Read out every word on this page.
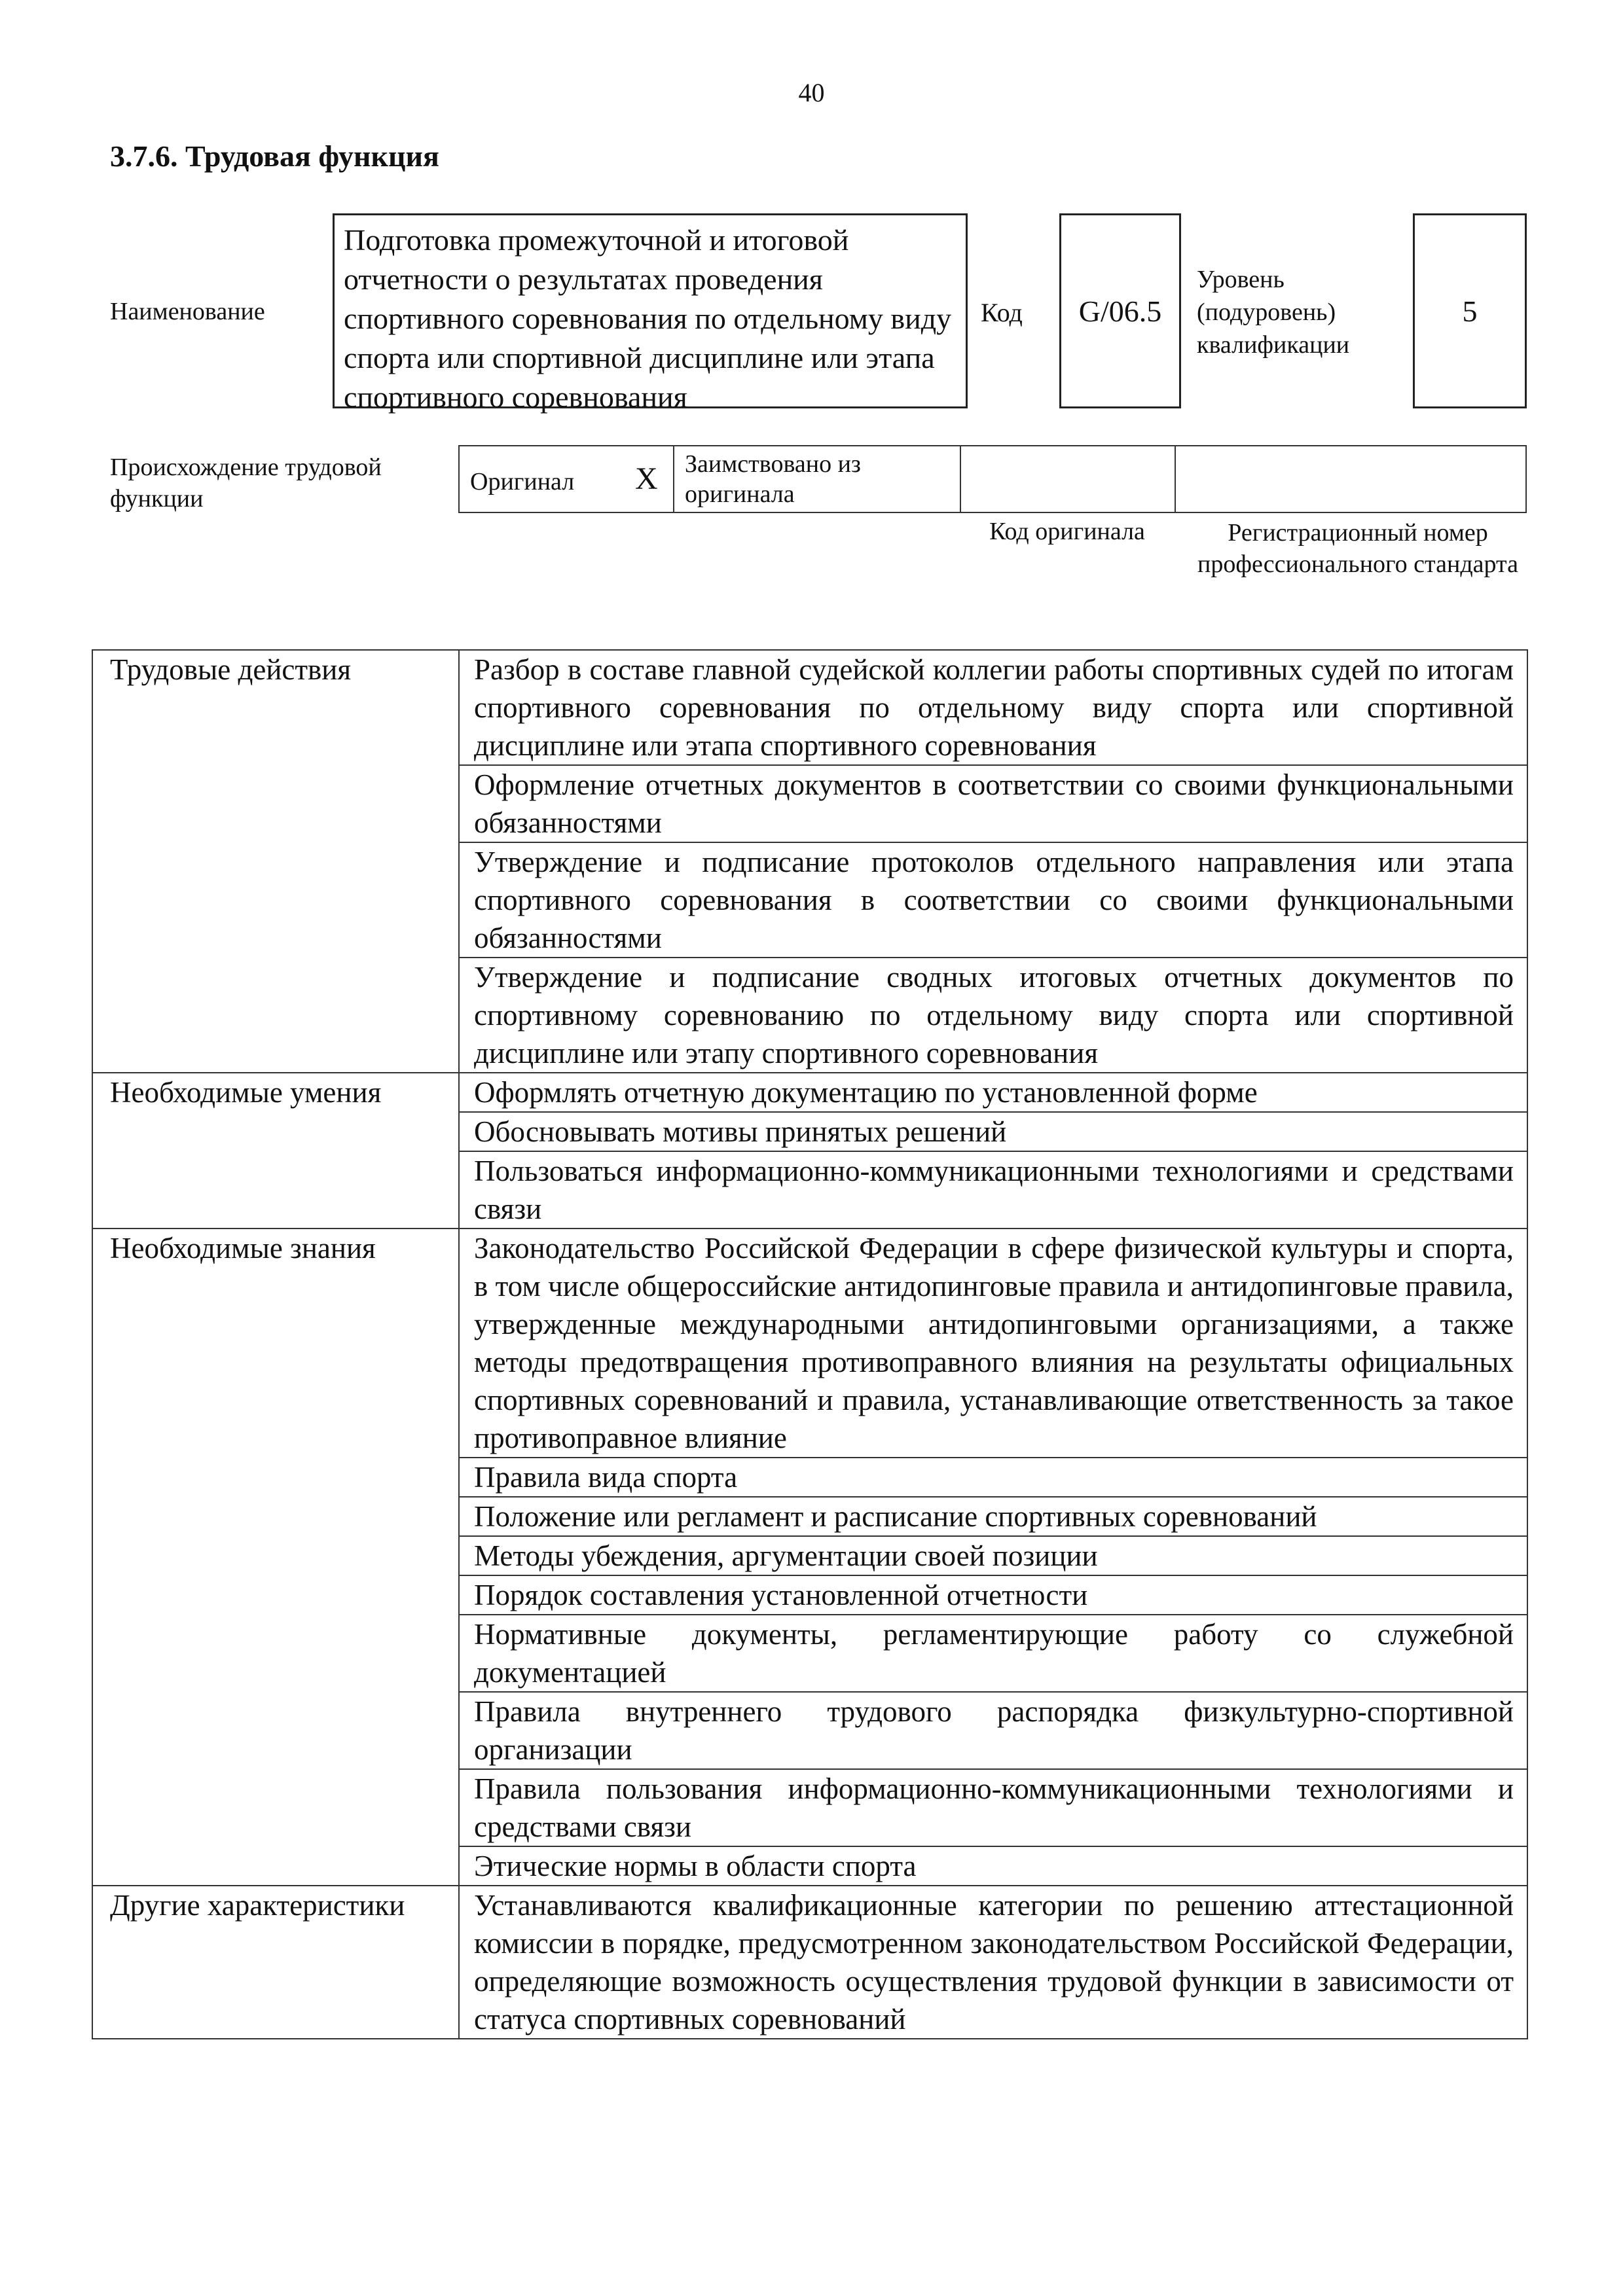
40
3.7.6. Трудовая функция
Наименование
Подготовка промежуточной и итоговой отчетности о результатах проведения спортивного соревнования по отдельному виду спорта или спортивной дисциплине или этапа спортивного соревнования
Код G/06.5
Уровень (подуровень) квалификации
5
Происхождение трудовой функции
Оригинал X Заимствовано из оригинала
Код оригинала	Регистрационный номер профессионального стандарта
Трудовые действия	Разбор в составе главной судейской коллегии работы спортивных судей по итогам спортивного соревнования по отдельному виду спорта или спортивной дисциплине или этапа спортивного соревнования
	Оформление отчетных документов в соответствии со своими функциональными обязанностями
	Утверждение и подписание протоколов отдельного направления или этапа спортивного соревнования в соответствии со своими функциональными обязанностями
	Утверждение и подписание сводных итоговых отчетных документов по спортивному соревнованию по отдельному виду спорта или спортивной дисциплине или этапу спортивного соревнования
Необходимые умения	Оформлять отчетную документацию по установленной форме
	Обосновывать мотивы принятых решений
	Пользоваться информационно-коммуникационными технологиями и средствами связи
Необходимые знания	Законодательство Российской Федерации в сфере физической культуры и спорта, в том числе общероссийские антидопинговые правила и антидопинговые правила, утвержденные международными антидопинговыми организациями, а также методы предотвращения противоправного влияния на результаты официальных спортивных соревнований и правила, устанавливающие ответственность за такое противоправное влияние
	Правила вида спорта
	Положение или регламент и расписание спортивных соревнований
	Методы убеждения, аргументации своей позиции
	Порядок составления установленной отчетности
	Нормативные документы, регламентирующие работу со служебной документацией
	Правила внутреннего трудового распорядка физкультурно-спортивной организации
	Правила пользования информационно-коммуникационными технологиями и средствами связи
	Этические нормы в области спорта
Другие характеристики	Устанавливаются квалификационные категории по решению аттестационной комиссии в порядке, предусмотренном законодательством Российской Федерации, определяющие возможность осуществления трудовой функции в зависимости от статуса спортивных соревнований
